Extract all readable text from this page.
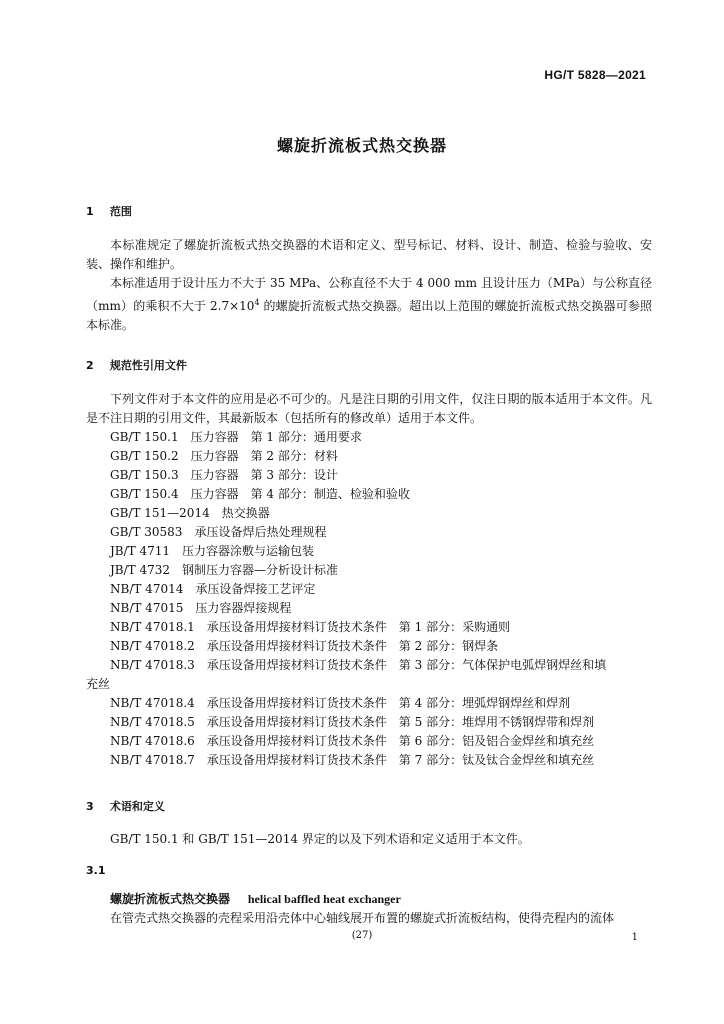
HG/T 5828—2021
螺旋折流板式热交换器
1 范围
本标准规定了螺旋折流板式热交换器的术语和定义、型号标记、材料、设计、制造、检验与验收、安装、操作和维护。
本标准适用于设计压力不大于 35 MPa、公称直径不大于 4 000 mm 且设计压力（MPa）与公称直径（mm）的乘积不大于 $2.7\times 10^4$ 的螺旋折流板式热交换器。超出以上范围的螺旋折流板式热交换器可参照本标准。
2 规范性引用文件
下列文件对于本文件的应用是必不可少的。凡是注日期的引用文件，仅注日期的版本适用于本文件。凡是不注日期的引用文件，其最新版本（包括所有的修改单）适用于本文件。
GB/T 150.1　压力容器　第 1 部分：通用要求
GB/T 150.2　压力容器　第 2 部分：材料
GB/T 150.3　压力容器　第 3 部分：设计
GB/T 150.4　压力容器　第 4 部分：制造、检验和验收
GB/T 151—2014　热交换器
GB/T 30583　承压设备焊后热处理规程
JB/T 4711　压力容器涂敷与运输包装
JB/T 4732　钢制压力容器—分析设计标准
NB/T 47014　承压设备焊接工艺评定
NB/T 47015　压力容器焊接规程
NB/T 47018.1　承压设备用焊接材料订货技术条件　第 1 部分：采购通则
NB/T 47018.2　承压设备用焊接材料订货技术条件　第 2 部分：钢焊条
NB/T 47018.3　承压设备用焊接材料订货技术条件　第 3 部分：气体保护电弧焊钢焊丝和填
充丝
NB/T 47018.4　承压设备用焊接材料订货技术条件　第 4 部分：埋弧焊钢焊丝和焊剂
NB/T 47018.5　承压设备用焊接材料订货技术条件　第 5 部分：堆焊用不锈钢焊带和焊剂
NB/T 47018.6　承压设备用焊接材料订货技术条件　第 6 部分：铝及铝合金焊丝和填充丝
NB/T 47018.7　承压设备用焊接材料订货技术条件　第 7 部分：钛及钛合金焊丝和填充丝
3 术语和定义
GB/T 150.1 和 GB/T 151—2014 界定的以及下列术语和定义适用于本文件。
3.1
螺旋折流板式热交换器 helical baffled heat exchanger
在管壳式热交换器的壳程采用沿壳体中心轴线展开布置的螺旋式折流板结构，使得壳程内的流体
(27)	1
